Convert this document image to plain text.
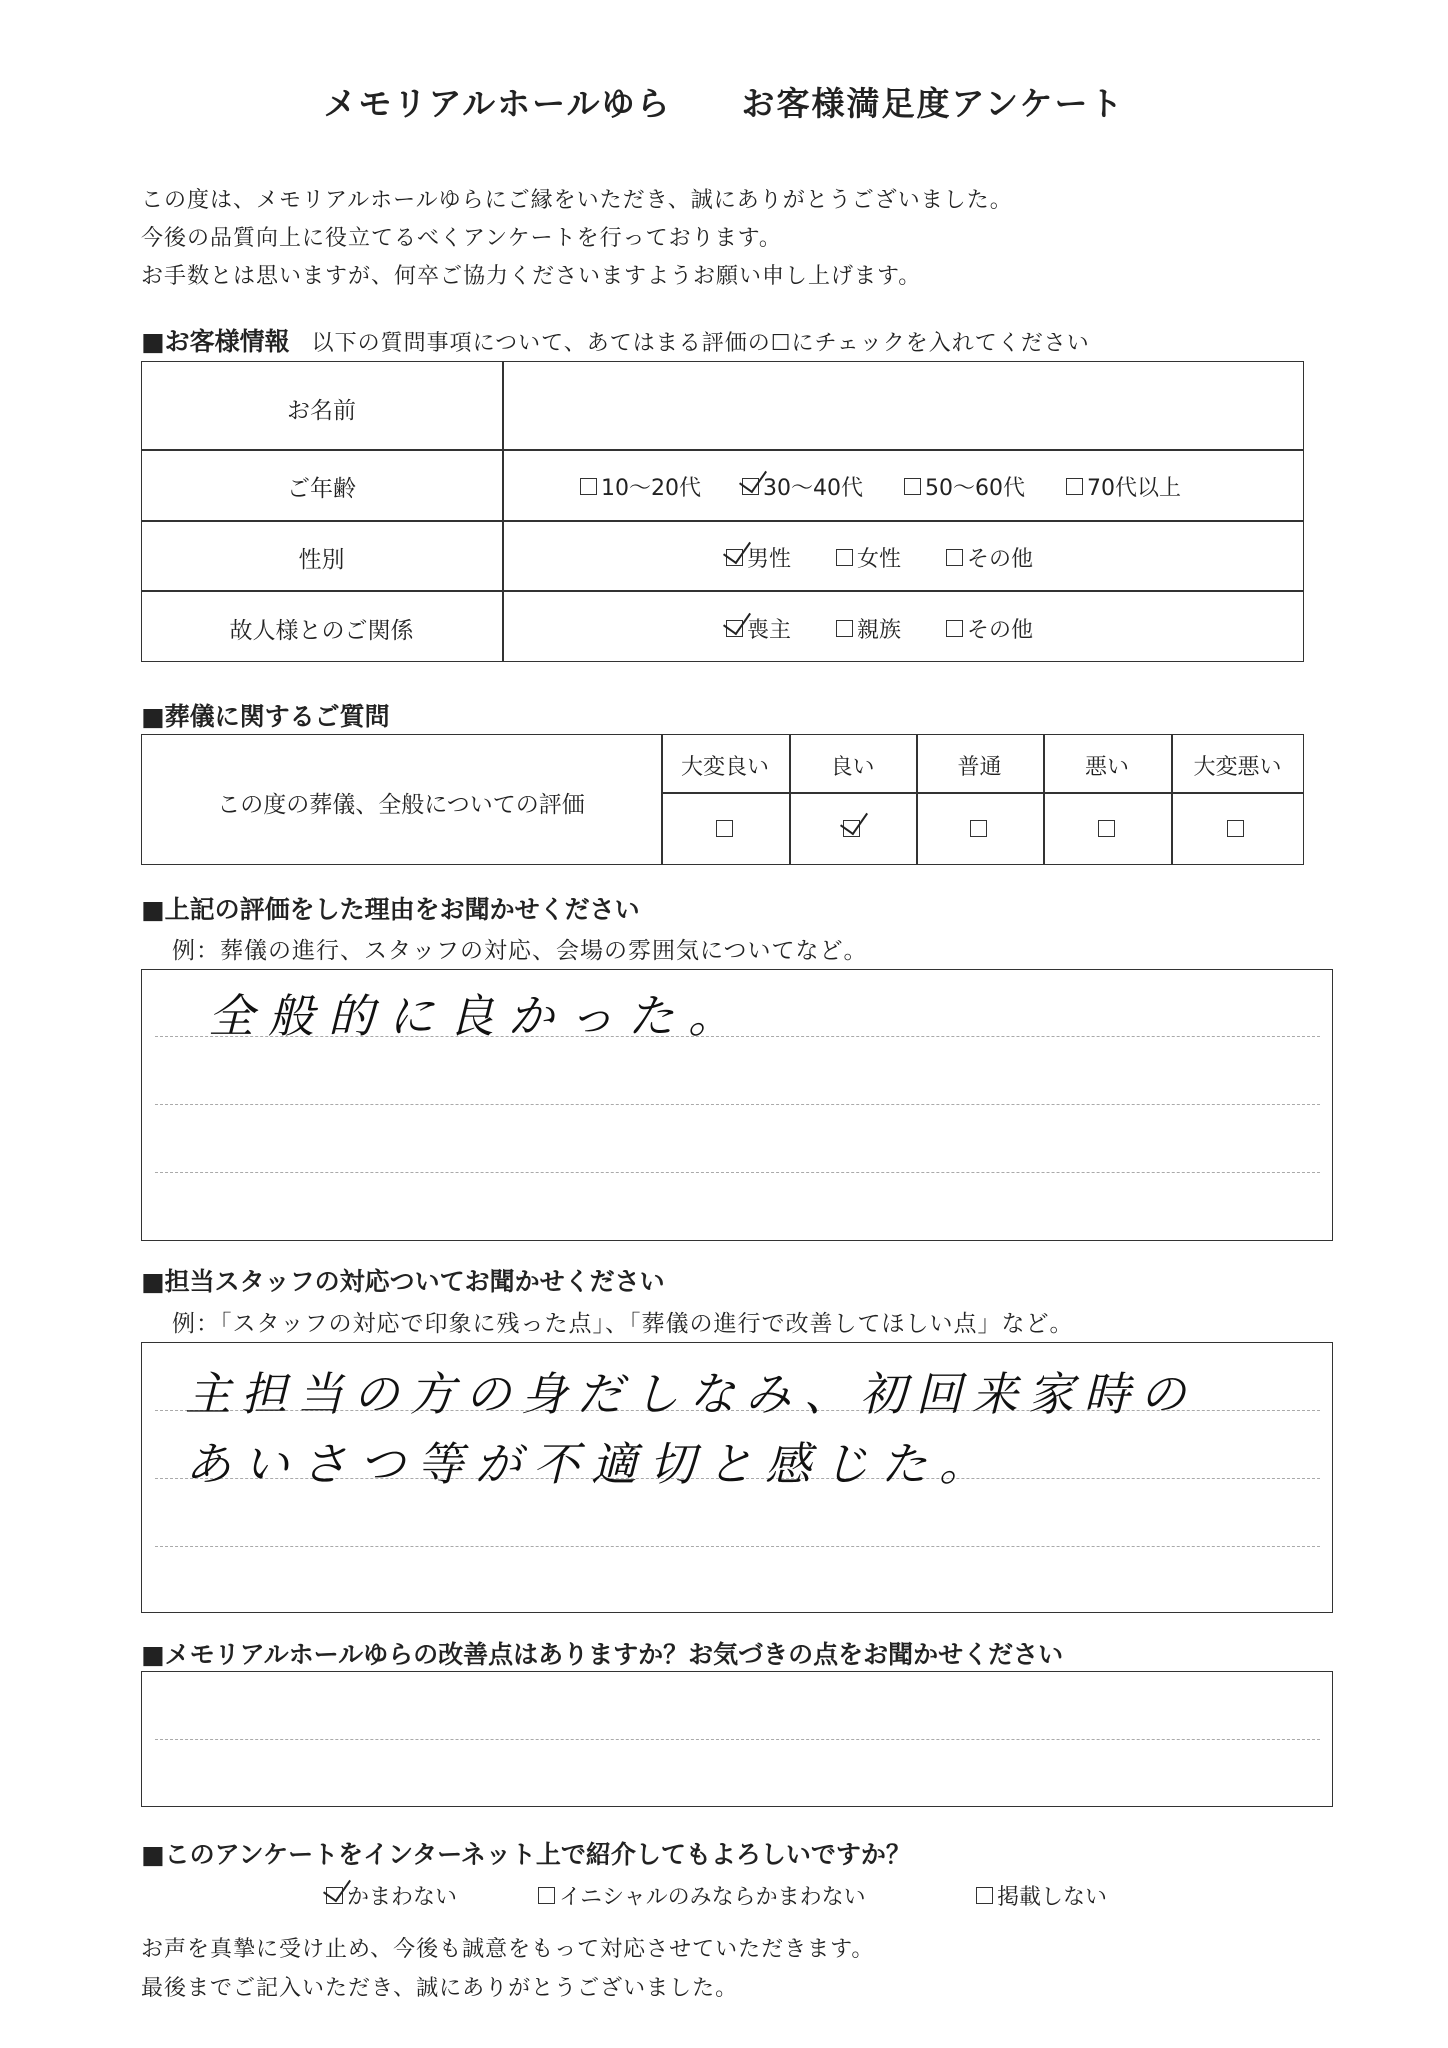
メモリアルホールゆら お客様満足度アンケート
この度は、メモリアルホールゆらにご縁をいただき、誠にありがとうございました。
今後の品質向上に役立てるべくアンケートを行っております。
お手数とは思いますが、何卒ご協力くださいますようお願い申し上げます。
■お客様情報 以下の質問事項について、あてはまる評価の☐にチェックを入れてください
お名前
ご年齢	10～20代	30～40代	50～60代	70代以上
性別	男性	女性	その他
故人様とのご関係	喪主	親族	その他
■葬儀に関するご質問
この度の葬儀、全般についての評価
大変良い	良い	普通	悪い	大変悪い
■上記の評価をした理由をお聞かせください
例：葬儀の進行、スタッフの対応、会場の雰囲気についてなど。
全般的に良かった。
■担当スタッフの対応ついてお聞かせください
例：「スタッフの対応で印象に残った点」、「葬儀の進行で改善してほしい点」など。
主担当の方の身だしなみ、初回来家時の
あいさつ等が不適切と感じた。
■メモリアルホールゆらの改善点はありますか？お気づきの点をお聞かせください
■このアンケートをインターネット上で紹介してもよろしいですか？
かまわない	イニシャルのみならかまわない	掲載しない
お声を真摯に受け止め、今後も誠意をもって対応させていただきます。
最後までご記入いただき、誠にありがとうございました。
